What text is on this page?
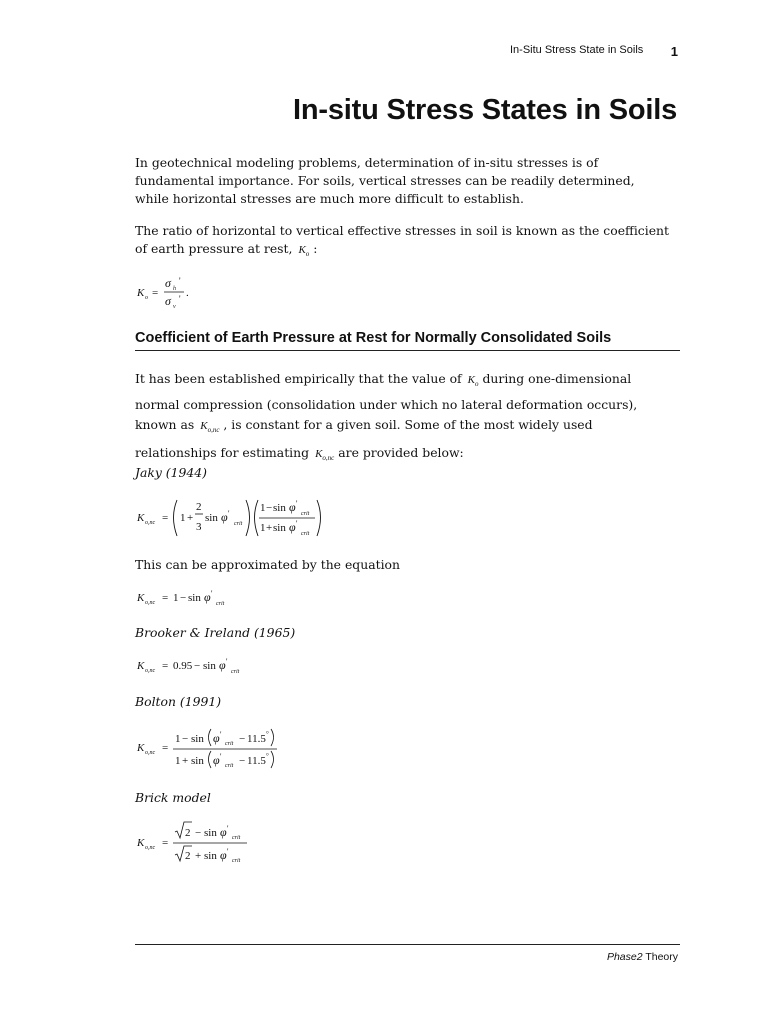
In-Situ Stress State in Soils 1
In-situ Stress States in Soils
In geotechnical modeling problems, determination of in-situ stresses is of
fundamental importance. For soils, vertical stresses can be readily determined,
while horizontal stresses are much more difficult to establish.
The ratio of horizontal to vertical effective stresses in soil is known as the coefficient
of earth pressure at rest, $K_o$ :
K o =
σ h
'
σ v
' .
Coefficient of Earth Pressure at Rest for Normally Consolidated Soils
It has been established empirically that the value of $K_o$ during one-dimensional
normal compression (consolidation under which no lateral deformation occurs),
known as $K_{o,nc}$ , is constant for a given soil. Some of the most widely used
relationships for estimating $K_{o,nc}$ are provided below:
Jaky (1944)
K o,nc = 1 +
2
3
sin φ '
crit
1 − sin φ '
crit
1 + sin φ '
crit
This can be approximated by the equation
K o,nc = 1 − sin φ '
crit
Brooker & Ireland (1965)
K o,nc = 0.95 − sin φ '
crit
Bolton (1991)
K o,nc =
1 − sin φ '
crit − 11.5 °
1 + sin φ '
crit − 11.5 °
Brick model
K o,nc =
2 − sin φ '
crit
2 + sin φ '
crit
Phase2 Theory
